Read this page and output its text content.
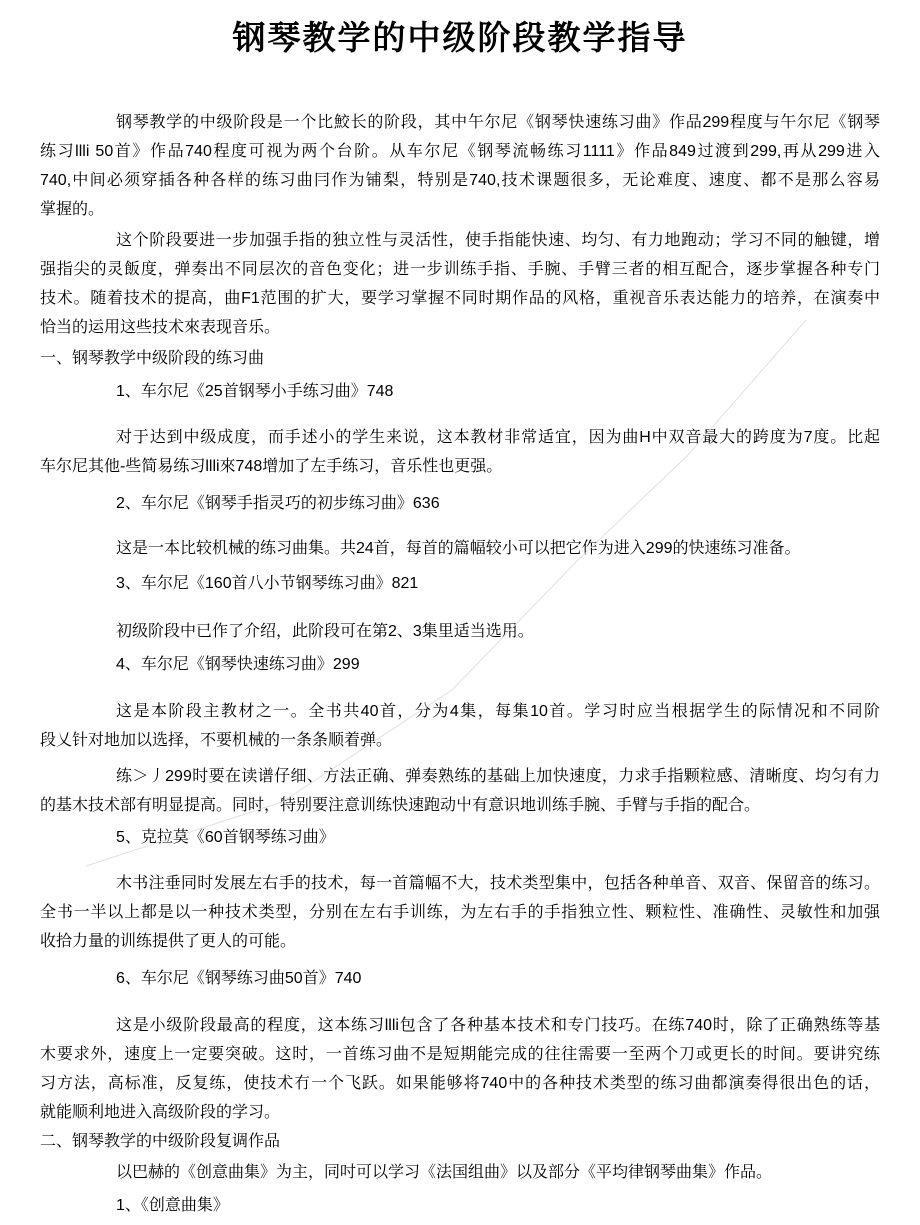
钢琴教学的中级阶段教学指导
钢琴教学的中级阶段是一个比鮫长的阶段，其中午尔尼《钢琴快速练习曲》作品299程度与午尔尼《钢琴
练习llli 50首》作品740程度可视为两个台阶。从车尔尼《钢琴流畅练习1111》作品849过渡到299,再从299进入
740,中间必须穿插各种各样的练习曲冃作为铺梨，特别是740,技术课题很多，无论难度、速度、都不是那么容易
掌握的。
这个阶段要进一步加强手指的独立性与灵活性，使手指能快速、均匀、有力地跑动；学习不同的触键，增
强指尖的灵飯度，弹奏出不同层次的音色变化；进一步训练手指、手腕、手臂三者的相互配合，逐步掌握各种专门
技术。随着技术的提高，曲F1范围的扩大，要学习掌握不同时期作品的风格，重视音乐表达能力的培养，在演奏中
恰当的运用这些技术來表现音乐。
一、钢琴教学中级阶段的练习曲
1、车尔尼《25首钢琴小手练习曲》748
对于达到中级成度，而手述小的学生来说，这本教材非常适宜，因为曲H中双音最大的跨度为7度。比起
车尔尼其他-些简易练习llli來748增加了左手练习，音乐性也更强。
2、车尔尼《钢琴手指灵巧的初步练习曲》636
这是一本比较机械的练习曲集。共24首，每首的篇幅较小可以把它作为进入299的快速练习准备。
3、车尔尼《160首八小节钢琴练习曲》821
初级阶段中已作了介绍，此阶段可在第2、3集里适当选用。
4、车尔尼《钢琴快速练习曲》299
这是本阶段主教材之一。全书共40首，分为4集，每集10首。学习时应当根据学生的际情况和不同阶
段乂针对地加以选择，不要机械的一条条顺着弹。
练＞丿299时要在读谱仔细、方法正确、弹奏熟练的基础上加快速度，力求手指颗粒感、清晰度、均匀有力
的基木技术部有明显提高。同时，特别要注意训练快速跑动屮有意识地训练手腕、手臂与手指的配合。
5、克拉莫《60首钢琴练习曲》
木书注垂同时发展左右手的技术，每一首篇幅不大，技术类型集中，包括各种单音、双音、保留音的练习。
全书一半以上都是以一种技术类型，分别在左右手训练，为左右手的手指独立性、颗粒性、准确性、灵敏性和加强
收拾力量的训练提供了更人的可能。
6、车尔尼《钢琴练习曲50首》740
这是小级阶段最高的程度，这本练习llli包含了各种基本技术和专门技巧。在练740时，除了正确熟练等基
木要求外，速度上一定要突破。这时，一首练习曲不是短期能完成的往往需要一至两个刀或更长的时间。要讲究练
习方法，高标准，反复练，使技术冇一个飞跃。如果能够将740中的各种技术类型的练习曲都演奏得很出色的话，
就能顺利地进入高级阶段的学习。
二、钢琴教学的中级阶段复调作品
以巴赫的《创意曲集》为主，同吋可以学习《法国组曲》以及部分《平均律钢琴曲集》作品。
1、《创意曲集》
